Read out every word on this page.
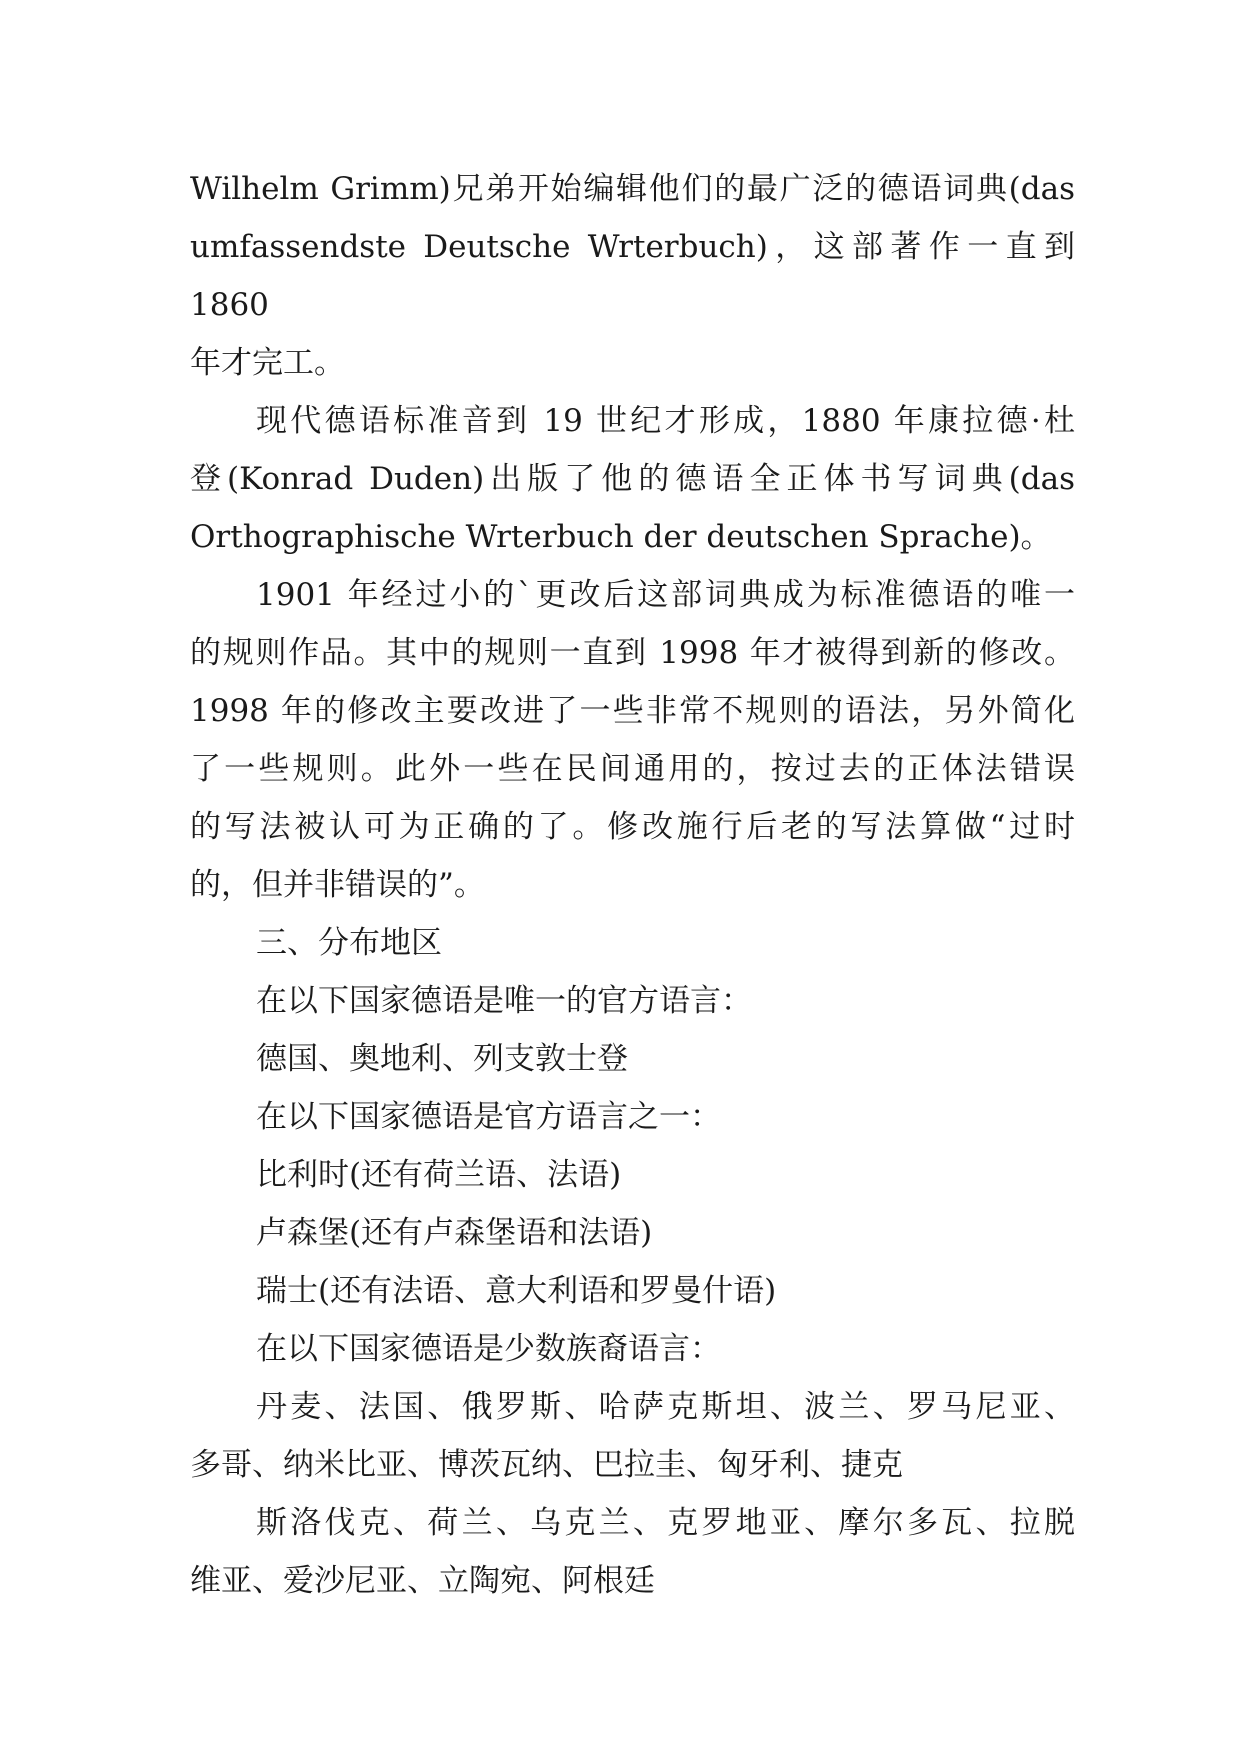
Wilhelm Grimm)兄弟开始编辑他们的最广泛的德语词典(das
umfassendste Deutsche Wrterbuch)，这部著作一直到 1860
年才完工。
现代德语标准音到 19 世纪才形成，1880 年康拉德·杜
登(Konrad Duden)出版了他的德语全正体书写词典(das
Orthographische Wrterbuch der deutschen Sprache)。
1901 年经过小的`更改后这部词典成为标准德语的唯一
的规则作品。其中的规则一直到 1998 年才被得到新的修改。
1998 年的修改主要改进了一些非常不规则的语法，另外简化
了一些规则。此外一些在民间通用的，按过去的正体法错误
的写法被认可为正确的了。修改施行后老的写法算做“过时
的，但并非错误的”。
三、分布地区
在以下国家德语是唯一的官方语言：
德国、奥地利、列支敦士登
在以下国家德语是官方语言之一：
比利时(还有荷兰语、法语)
卢森堡(还有卢森堡语和法语)
瑞士(还有法语、意大利语和罗曼什语)
在以下国家德语是少数族裔语言：
丹麦、法国、俄罗斯、哈萨克斯坦、波兰、罗马尼亚、
多哥、纳米比亚、博茨瓦纳、巴拉圭、匈牙利、捷克
斯洛伐克、荷兰、乌克兰、克罗地亚、摩尔多瓦、拉脱
维亚、爱沙尼亚、立陶宛、阿根廷
